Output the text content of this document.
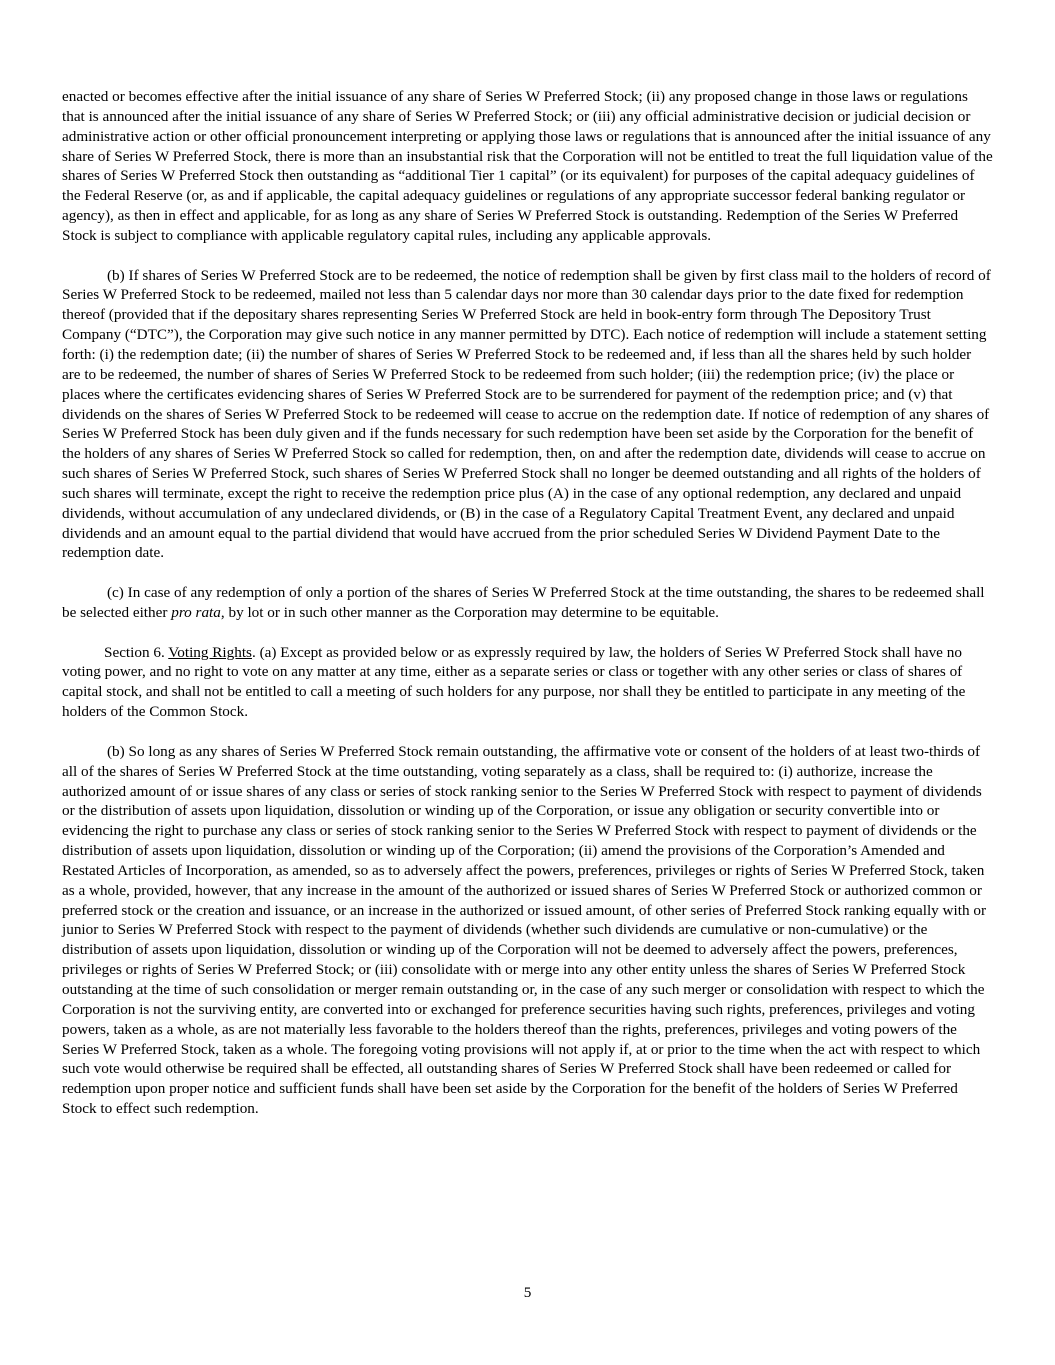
enacted or becomes effective after the initial issuance of any share of Series W Preferred Stock; (ii) any proposed change in those laws or regulations that is announced after the initial issuance of any share of Series W Preferred Stock; or (iii) any official administrative decision or judicial decision or administrative action or other official pronouncement interpreting or applying those laws or regulations that is announced after the initial issuance of any share of Series W Preferred Stock, there is more than an insubstantial risk that the Corporation will not be entitled to treat the full liquidation value of the shares of Series W Preferred Stock then outstanding as “additional Tier 1 capital” (or its equivalent) for purposes of the capital adequacy guidelines of the Federal Reserve (or, as and if applicable, the capital adequacy guidelines or regulations of any appropriate successor federal banking regulator or agency), as then in effect and applicable, for as long as any share of Series W Preferred Stock is outstanding. Redemption of the Series W Preferred Stock is subject to compliance with applicable regulatory capital rules, including any applicable approvals.

(b) If shares of Series W Preferred Stock are to be redeemed, the notice of redemption shall be given by first class mail to the holders of record of Series W Preferred Stock to be redeemed, mailed not less than 5 calendar days nor more than 30 calendar days prior to the date fixed for redemption thereof (provided that if the depositary shares representing Series W Preferred Stock are held in book-entry form through The Depository Trust Company (“DTC”), the Corporation may give such notice in any manner permitted by DTC). Each notice of redemption will include a statement setting forth: (i) the redemption date; (ii) the number of shares of Series W Preferred Stock to be redeemed and, if less than all the shares held by such holder are to be redeemed, the number of shares of Series W Preferred Stock to be redeemed from such holder; (iii) the redemption price; (iv) the place or places where the certificates evidencing shares of Series W Preferred Stock are to be surrendered for payment of the redemption price; and (v) that dividends on the shares of Series W Preferred Stock to be redeemed will cease to accrue on the redemption date. If notice of redemption of any shares of Series W Preferred Stock has been duly given and if the funds necessary for such redemption have been set aside by the Corporation for the benefit of the holders of any shares of Series W Preferred Stock so called for redemption, then, on and after the redemption date, dividends will cease to accrue on such shares of Series W Preferred Stock, such shares of Series W Preferred Stock shall no longer be deemed outstanding and all rights of the holders of such shares will terminate, except the right to receive the redemption price plus (A) in the case of any optional redemption, any declared and unpaid dividends, without accumulation of any undeclared dividends, or (B) in the case of a Regulatory Capital Treatment Event, any declared and unpaid dividends and an amount equal to the partial dividend that would have accrued from the prior scheduled Series W Dividend Payment Date to the redemption date.

(c) In case of any redemption of only a portion of the shares of Series W Preferred Stock at the time outstanding, the shares to be redeemed shall be selected either pro rata, by lot or in such other manner as the Corporation may determine to be equitable.

Section 6. Voting Rights. (a) Except as provided below or as expressly required by law, the holders of Series W Preferred Stock shall have no voting power, and no right to vote on any matter at any time, either as a separate series or class or together with any other series or class of shares of capital stock, and shall not be entitled to call a meeting of such holders for any purpose, nor shall they be entitled to participate in any meeting of the holders of the Common Stock.

(b) So long as any shares of Series W Preferred Stock remain outstanding, the affirmative vote or consent of the holders of at least two-thirds of all of the shares of Series W Preferred Stock at the time outstanding, voting separately as a class, shall be required to: (i) authorize, increase the authorized amount of or issue shares of any class or series of stock ranking senior to the Series W Preferred Stock with respect to payment of dividends or the distribution of assets upon liquidation, dissolution or winding up of the Corporation, or issue any obligation or security convertible into or evidencing the right to purchase any class or series of stock ranking senior to the Series W Preferred Stock with respect to payment of dividends or the distribution of assets upon liquidation, dissolution or winding up of the Corporation; (ii) amend the provisions of the Corporation’s Amended and Restated Articles of Incorporation, as amended, so as to adversely affect the powers, preferences, privileges or rights of Series W Preferred Stock, taken as a whole, provided, however, that any increase in the amount of the authorized or issued shares of Series W Preferred Stock or authorized common or preferred stock or the creation and issuance, or an increase in the authorized or issued amount, of other series of Preferred Stock ranking equally with or junior to Series W Preferred Stock with respect to the payment of dividends (whether such dividends are cumulative or non-cumulative) or the distribution of assets upon liquidation, dissolution or winding up of the Corporation will not be deemed to adversely affect the powers, preferences, privileges or rights of Series W Preferred Stock; or (iii) consolidate with or merge into any other entity unless the shares of Series W Preferred Stock outstanding at the time of such consolidation or merger remain outstanding or, in the case of any such merger or consolidation with respect to which the Corporation is not the surviving entity, are converted into or exchanged for preference securities having such rights, preferences, privileges and voting powers, taken as a whole, as are not materially less favorable to the holders thereof than the rights, preferences, privileges and voting powers of the Series W Preferred Stock, taken as a whole. The foregoing voting provisions will not apply if, at or prior to the time when the act with respect to which such vote would otherwise be required shall be effected, all outstanding shares of Series W Preferred Stock shall have been redeemed or called for redemption upon proper notice and sufficient funds shall have been set aside by the Corporation for the benefit of the holders of Series W Preferred Stock to effect such redemption.

5
